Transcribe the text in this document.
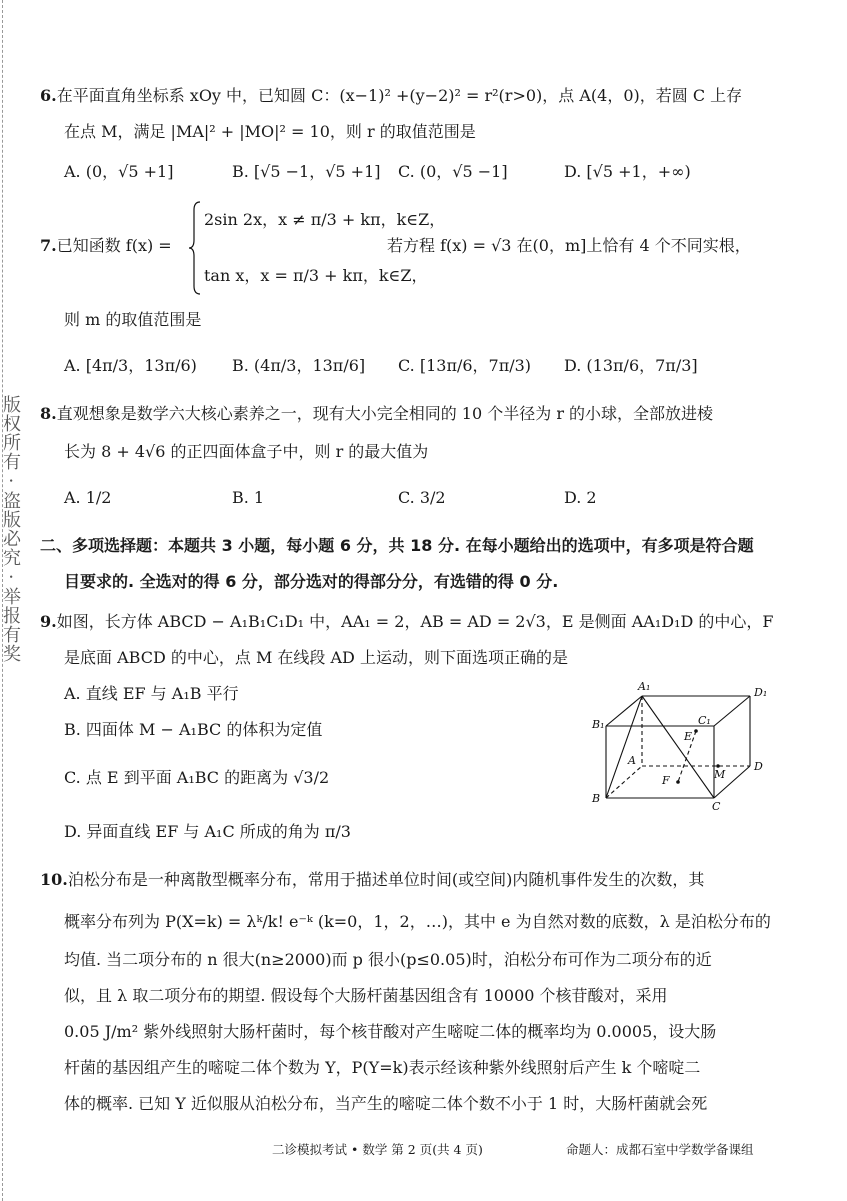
版权所有 · 盗版必究 · 举报有奖
6.在平面直角坐标系 xOy 中，已知圆 C：(x−1)² +(y−2)² = r²(r>0)，点 A(4，0)，若圆 C 上存
在点 M，满足 |MA|² + |MO|² = 10，则 r 的取值范围是
A. (0，√5 +1]	B. [√5 −1，√5 +1] C. (0，√5 −1]	D. [√5 +1，+∞)
7.已知函数 f(x) =
2sin 2x，x ≠ π/3 + kπ，k∈Z，
tan x，x = π/3 + kπ，k∈Z，
若方程 f(x) = √3 在(0，m]上恰有 4 个不同实根，
则 m 的取值范围是
A. [4π/3，13π/6) B. (4π/3，13π/6] C. [13π/6，7π/3) D. (13π/6，7π/3]
8.直观想象是数学六大核心素养之一，现有大小完全相同的 10 个半径为 r 的小球，全部放进棱
长为 8 + 4√6 的正四面体盒子中，则 r 的最大值为
A. 1/2	B. 1	C. 3/2	D. 2
二、多项选择题：本题共 3 小题，每小题 6 分，共 18 分. 在每小题给出的选项中，有多项是符合题
目要求的. 全选对的得 6 分，部分选对的得部分分，有选错的得 0 分.
9.如图，长方体 ABCD − A₁B₁C₁D₁ 中，AA₁ = 2，AB = AD = 2√3，E 是侧面 AA₁D₁D 的中心，F
是底面 ABCD 的中心，点 M 在线段 AD 上运动，则下面选项正确的是
A. 直线 EF 与 A₁B 平行
B. 四面体 M − A₁BC 的体积为定值
C. 点 E 到平面 A₁BC 的距离为 √3/2
D. 异面直线 EF 与 A₁C 所成的角为 π/3
A₁	D₁
B₁	C₁
E
A	D
F	M
B
C
10.泊松分布是一种离散型概率分布，常用于描述单位时间(或空间)内随机事件发生的次数，其
概率分布列为 P(X=k) = λᵏ/k! e⁻ᵏ (k=0，1，2，…)，其中 e 为自然对数的底数，λ 是泊松分布的
均值. 当二项分布的 n 很大(n≥2000)而 p 很小(p≤0.05)时，泊松分布可作为二项分布的近
似，且 λ 取二项分布的期望. 假设每个大肠杆菌基因组含有 10000 个核苷酸对，采用
0.05 J/m² 紫外线照射大肠杆菌时，每个核苷酸对产生嘧啶二体的概率均为 0.0005，设大肠
杆菌的基因组产生的嘧啶二体个数为 Y，P(Y=k)表示经该种紫外线照射后产生 k 个嘧啶二
体的概率. 已知 Y 近似服从泊松分布，当产生的嘧啶二体个数不小于 1 时，大肠杆菌就会死
二诊模拟考试 • 数学 第 2 页(共 4 页)	命题人：成都石室中学数学备课组
